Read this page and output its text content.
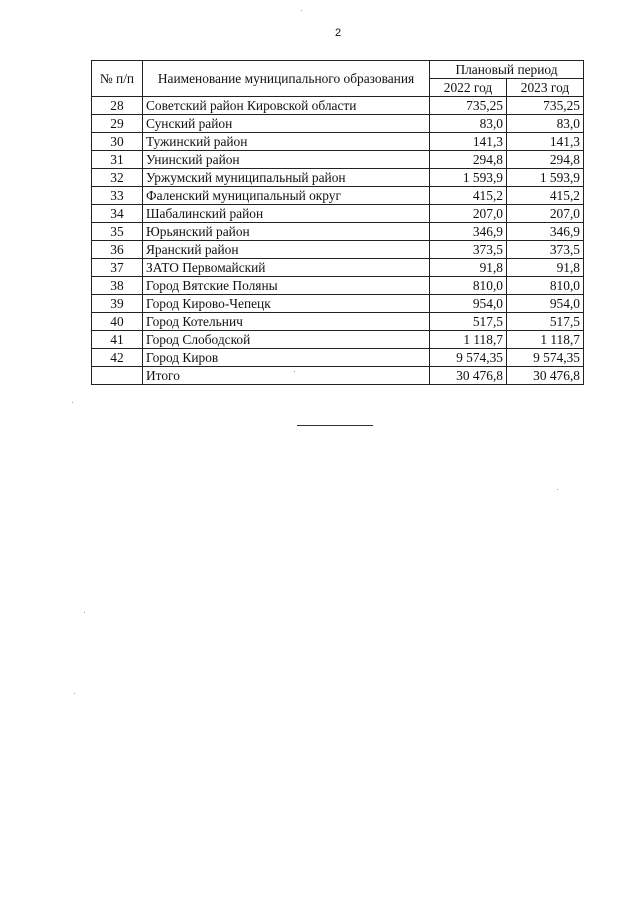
2
№ п/п	Наименование муниципального образования	Плановый период	
		2022 год	2023 год
28	Советский район Кировской области	735,25	735,25
29	Сунский район	83,0	83,0
30	Тужинский район	141,3	141,3
31	Унинский район	294,8	294,8
32	Уржумский муниципальный район	1 593,9	1 593,9
33	Фаленский муниципальный округ	415,2	415,2
34	Шабалинский район	207,0	207,0
35	Юрьянский район	346,9	346,9
36	Яранский район	373,5	373,5
37	ЗАТО Первомайский	91,8	91,8
38	Город Вятские Поляны	810,0	810,0
39	Город Кирово-Чепецк	954,0	954,0
40	Город Котельнич	517,5	517,5
41	Город Слободской	1 118,7	1 118,7
42	Город Киров	9 574,35	9 574,35
	Итого	30 476,8	30 476,8
